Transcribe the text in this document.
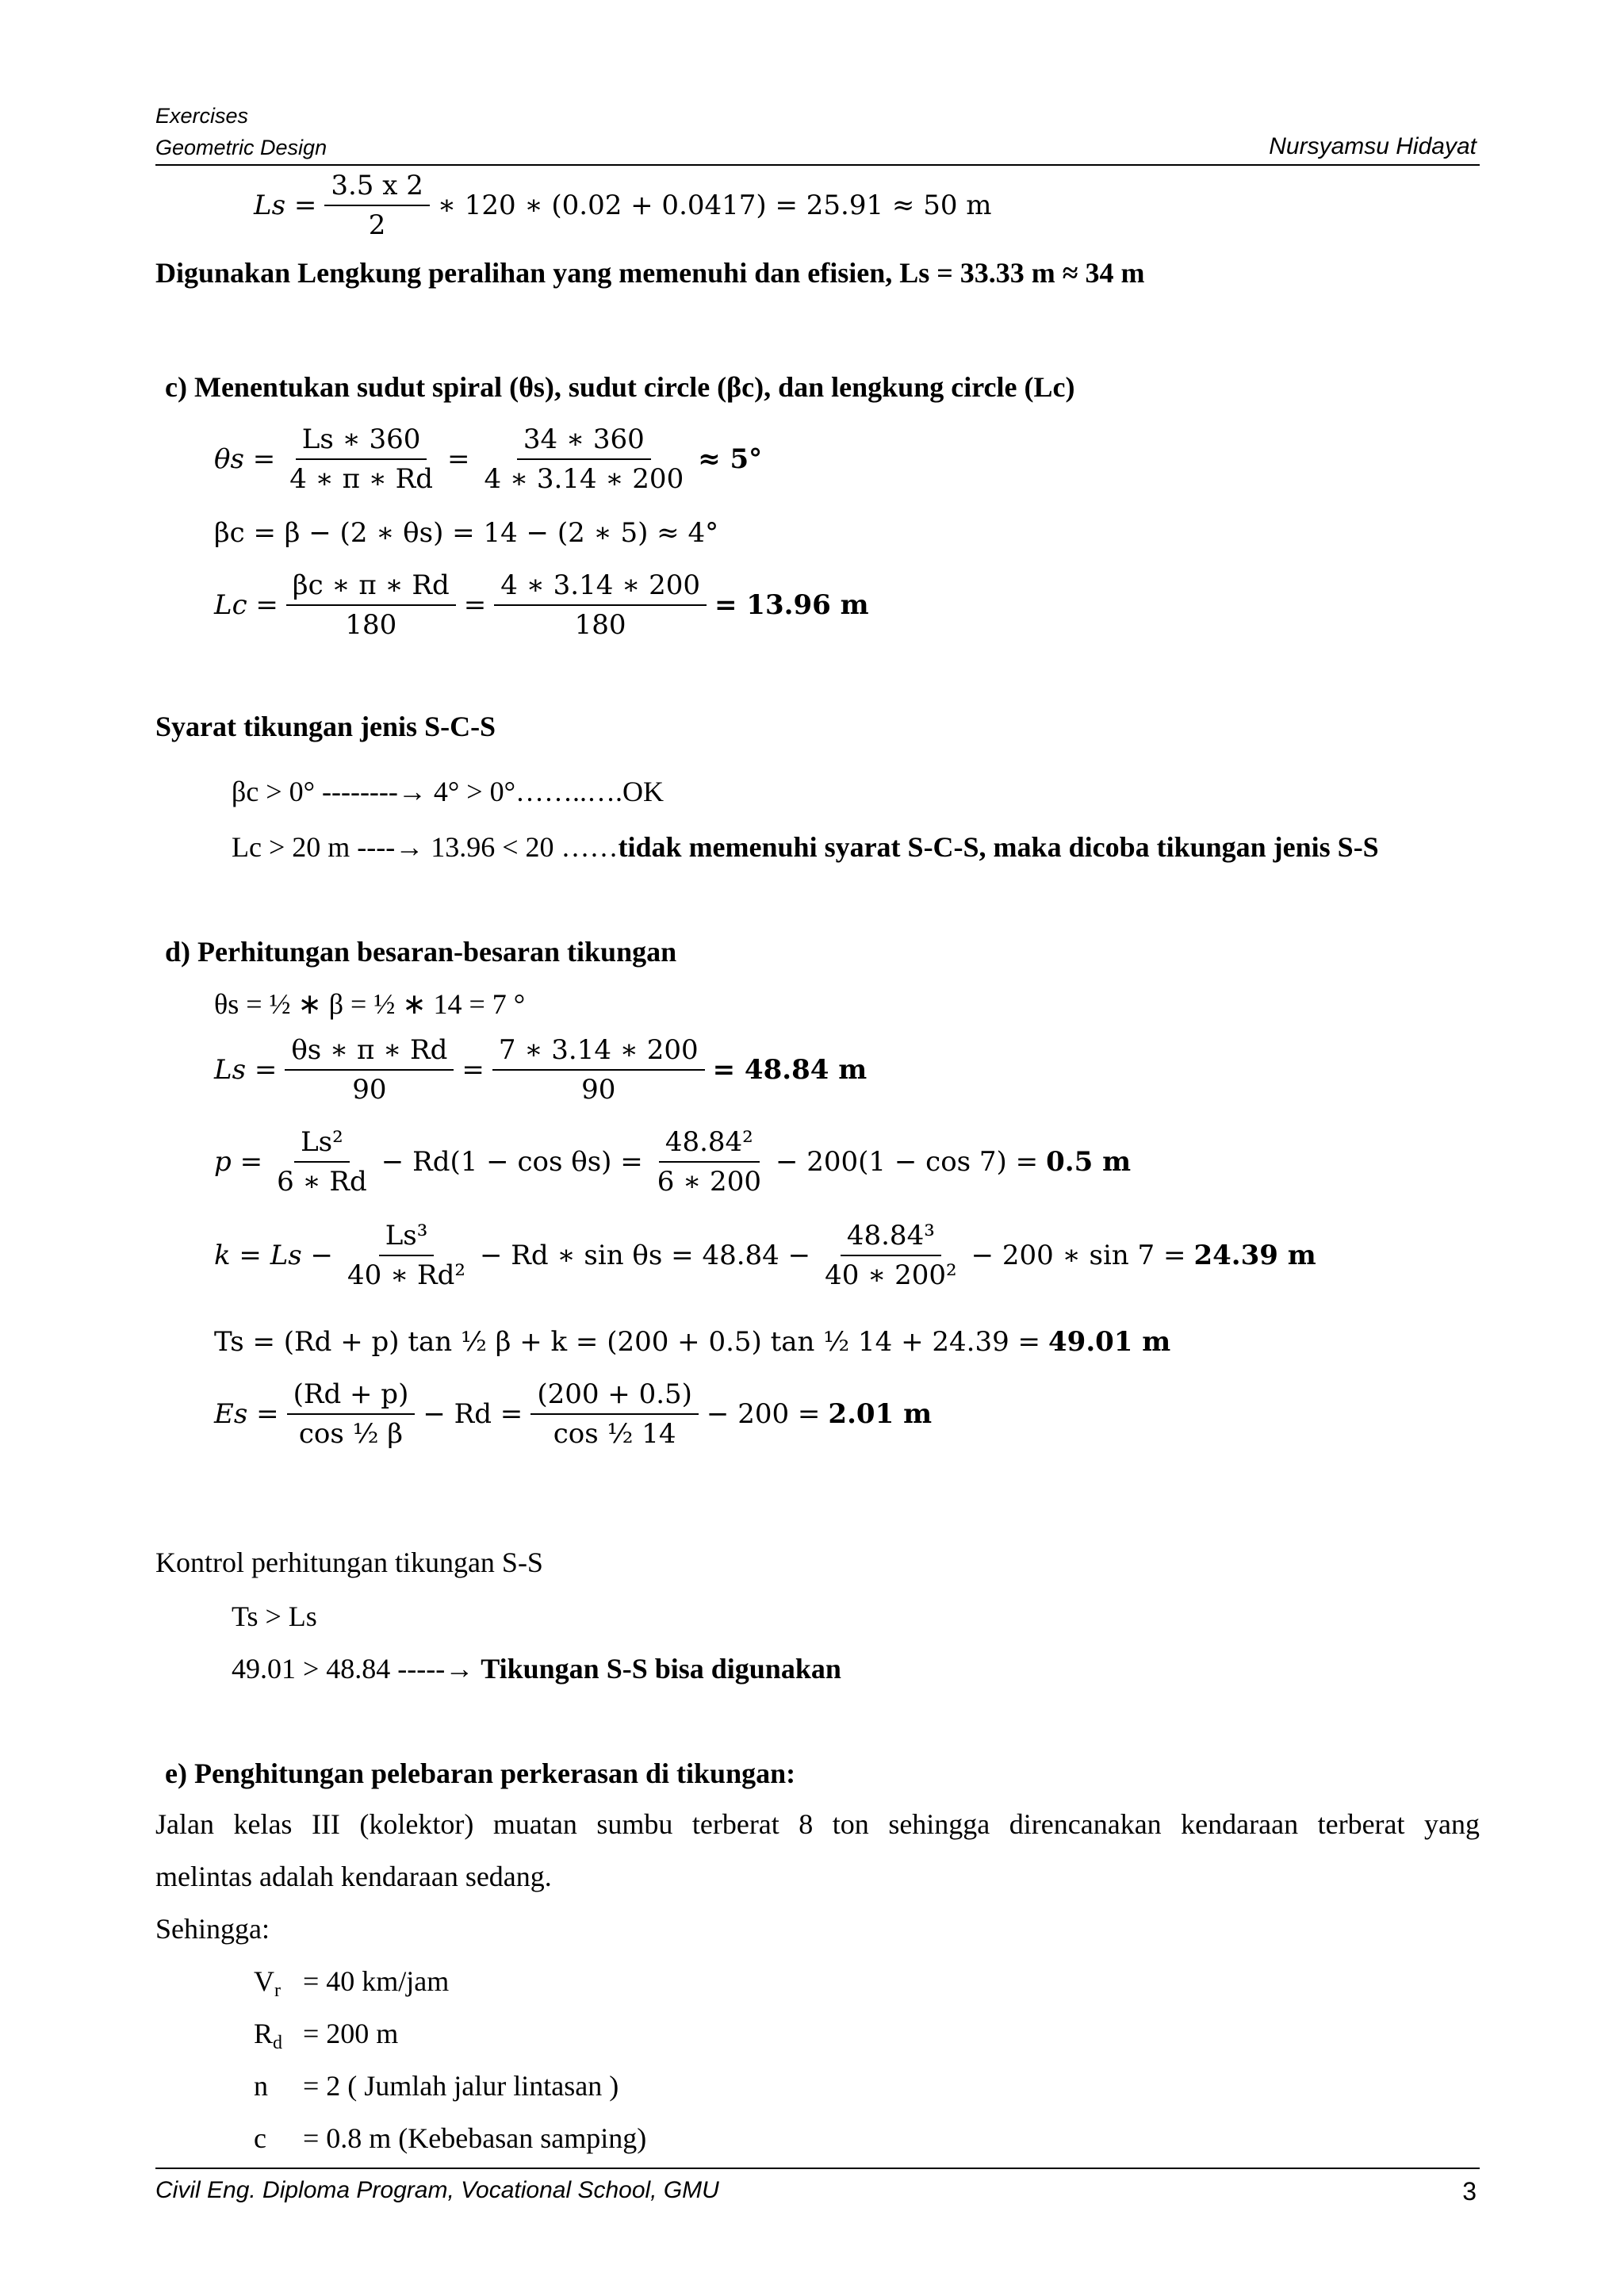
Exercises
Geometric Design	Nursyamsu Hidayat
$Ls = \frac{3.5 x 2}{2}$ ∗ 120 ∗ (0.02 + 0.0417) = 25.91 ≈ 50 m
Digunakan Lengkung peralihan yang memenuhi dan efisien, Ls = 33.33 m ≈ 34 m
c) Menentukan sudut spiral (θs), sudut circle (βc), dan lengkung circle (Lc)
$\theta s = \frac{Ls ∗ 360}{4 ∗ \pi ∗ Rd} = \frac{34 ∗ 360}{4 ∗ 3.14 ∗ 200} \approx 5^\circ$
βc = β − (2 ∗ θs) = 14 − (2 ∗ 5) ≈ 4°
$Lc = \frac{\beta c ∗ \pi ∗ Rd}{180} = \frac{4 ∗ 3.14 ∗ 200}{180} = 13.96$ m
Syarat tikungan jenis S-C-S
βc > 0° --------→ 4° > 0°……..….OK
Lc > 20 m ----→ 13.96 < 20 ……tidak memenuhi syarat S-C-S, maka dicoba tikungan jenis S-S
d) Perhitungan besaran-besaran tikungan
θs = ½ ∗ β = ½ ∗ 14 = 7 °
$Ls = \frac{\theta s ∗ \pi ∗ Rd}{90} = \frac{7 ∗ 3.14 ∗ 200}{90} = 48.84$ m
$p = \frac{\text{Ls²}}{6 ∗ Rd} - Rd(1 - \cos \theta s) = \frac{\text{48.84²}}{6 ∗ 200} - 200(1 - \cos 7) = 0.5$ m
$k = Ls - \frac{\text{Ls³}}{\text{40 ∗ Rd²}} - Rd$ ∗ $\sin \theta s = 48.84 - \frac{\text{48.84³}}{\text{40 ∗ 200²}} - 200$ ∗ sin 7 = 24.39 m
Ts = (Rd + p) tan ½ β + k = (200 + 0.5) tan ½ 14 + 24.39 = 49.01 m
$Es = \frac{(Rd + p)}{\text{cos ½ β}} - Rd = \frac{(200 + 0.5)}{\text{cos ½ 14}} - 200 = 2.01$ m
Kontrol perhitungan tikungan S-S
Ts > Ls
49.01 > 48.84 -----→ Tikungan S-S bisa digunakan
e) Penghitungan pelebaran perkerasan di tikungan:
Jalan kelas III (kolektor) muatan sumbu terberat 8 ton sehingga direncanakan kendaraan terberat yang
melintas adalah kendaraan sedang.
Sehingga:
$V_r = 40$ km/jam
$R_d = 200$ m
n = 2 ( Jumlah jalur lintasan )
c = 0.8 m (Kebebasan samping)
Civil Eng. Diploma Program, Vocational School, GMU	3
